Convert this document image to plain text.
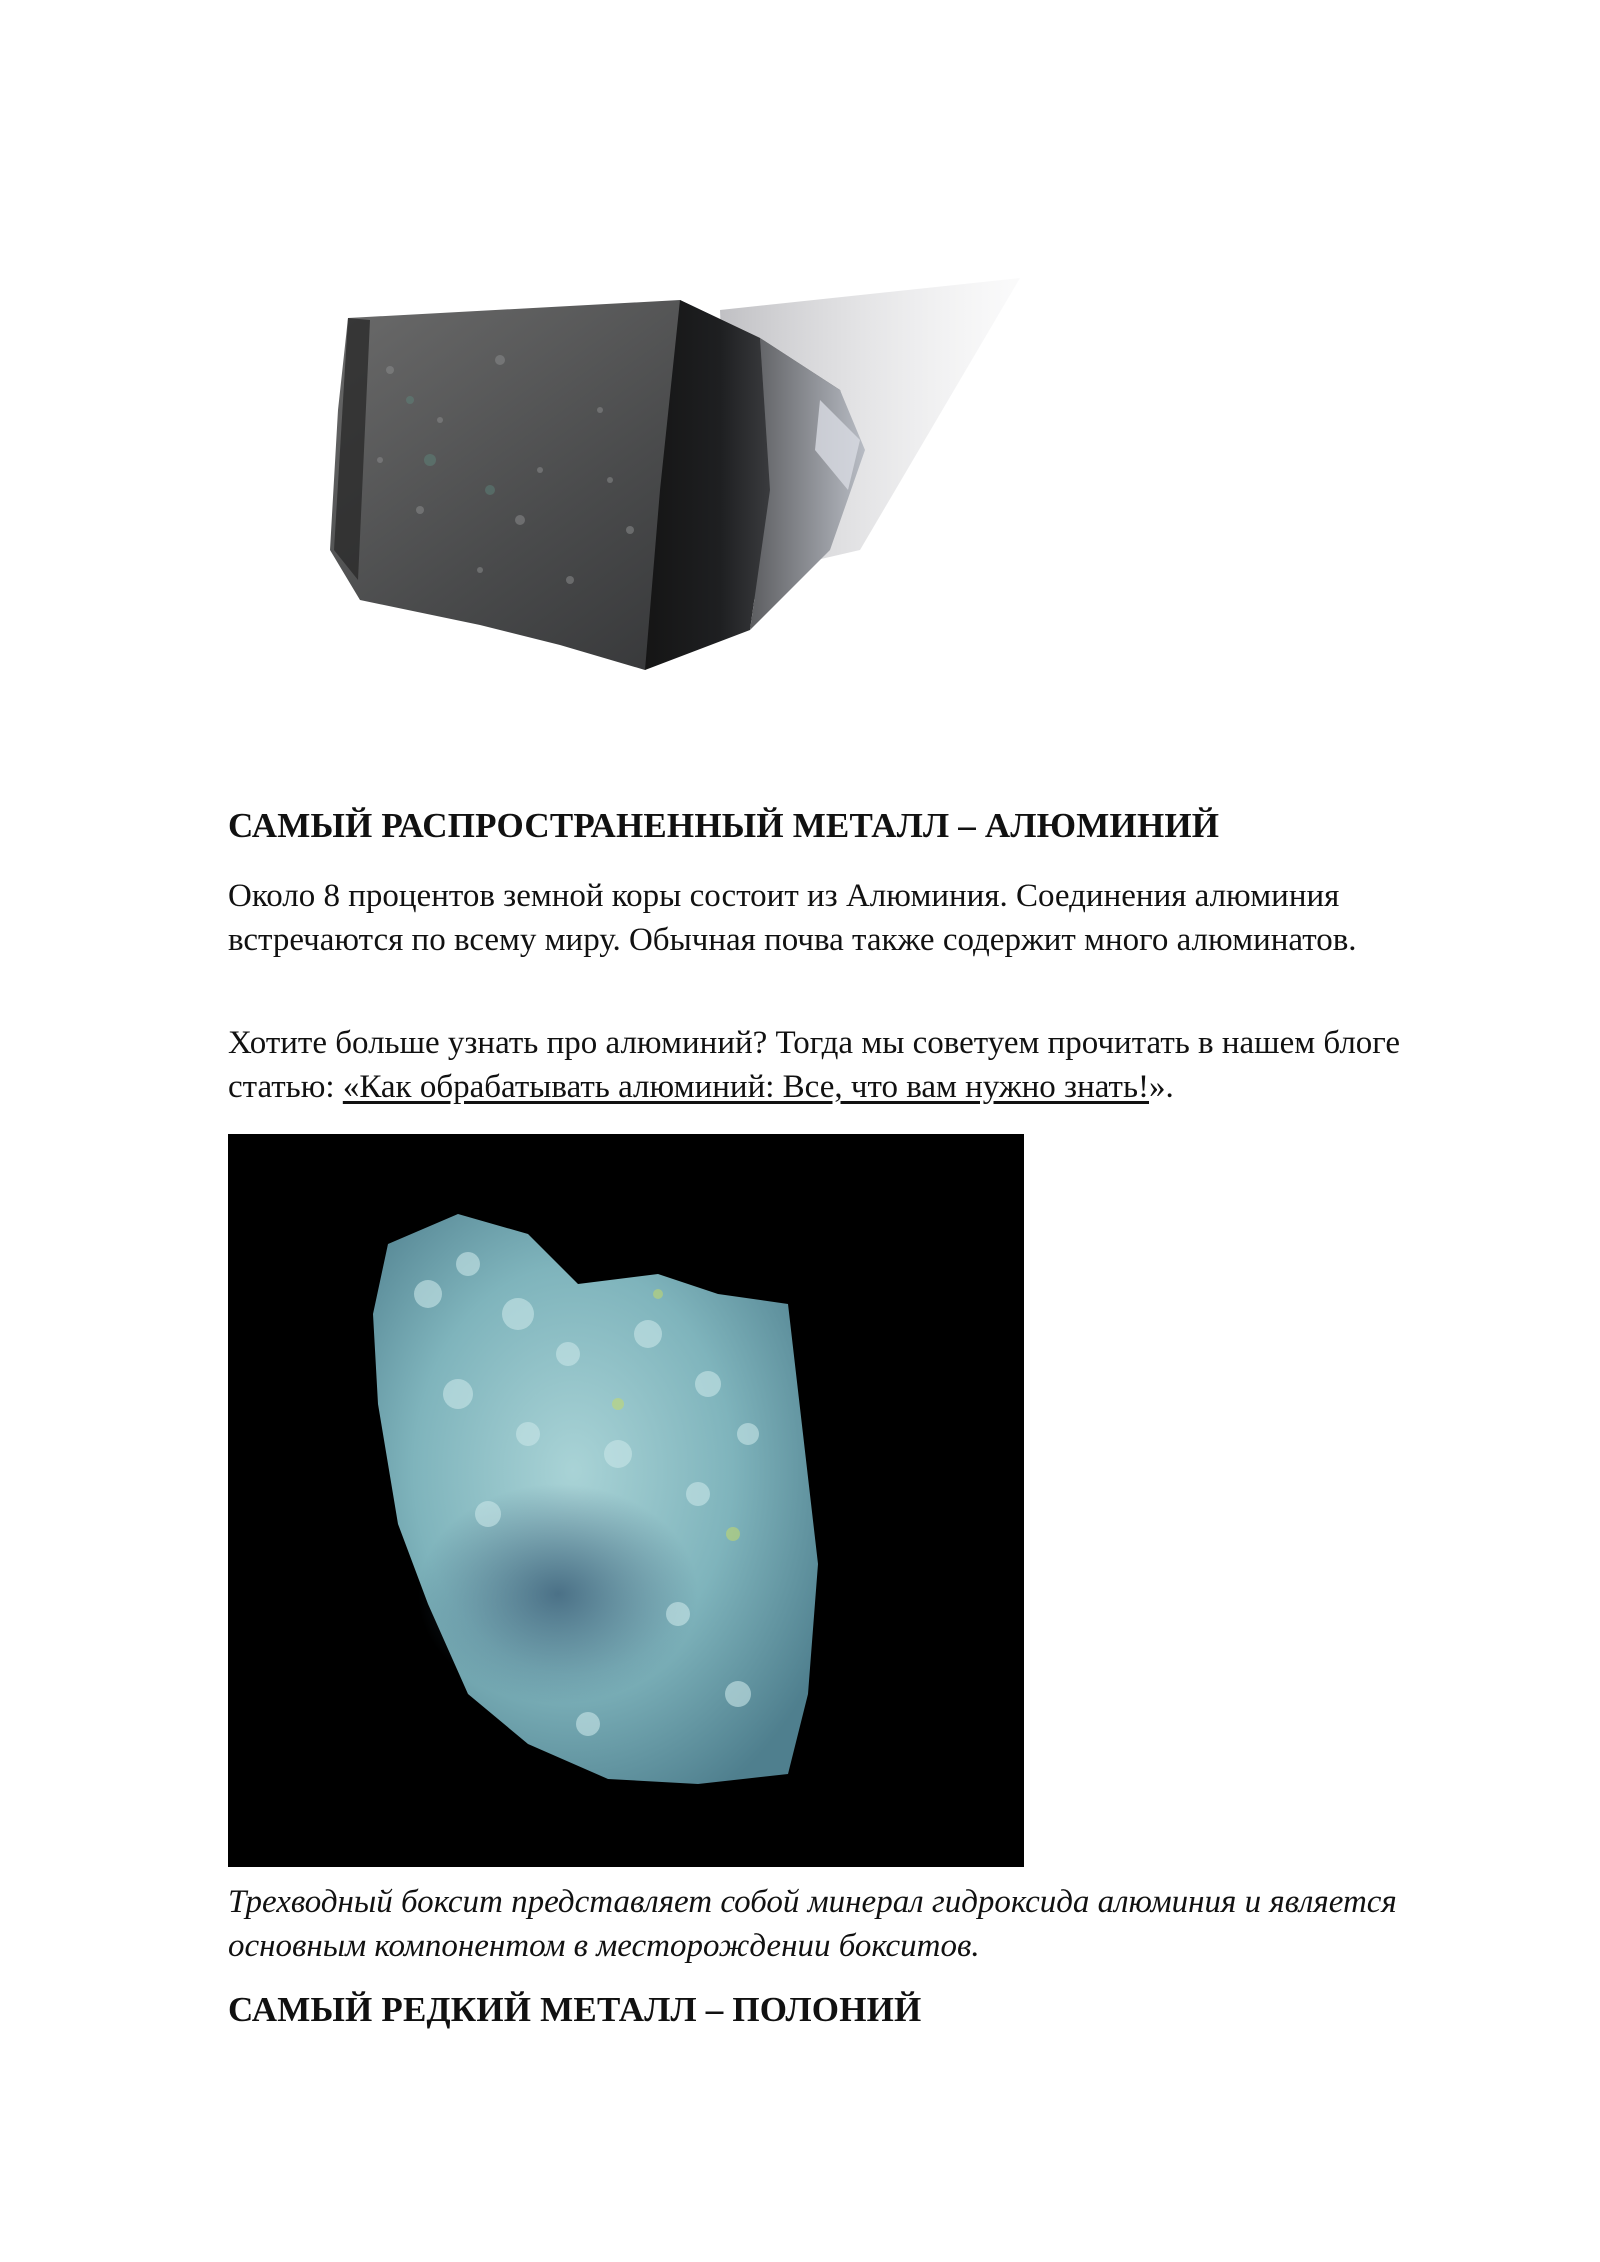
САМЫЙ РАСПРОСТРАНЕННЫЙ МЕТАЛЛ – АЛЮМИНИЙ

Около 8 процентов земной коры состоит из Алюминия. Соединения алюминия встречаются по всему миру. Обычная почва также содержит много алюминатов.

Хотите больше узнать про алюминий? Тогда мы советуем прочитать в нашем блоге статью: «Как обрабатывать алюминий: Все, что вам нужно знать!».

Трехводный боксит представляет собой минерал гидроксида алюминия и является основным компонентом в месторождении бокситов.

САМЫЙ РЕДКИЙ МЕТАЛЛ – ПОЛОНИЙ
